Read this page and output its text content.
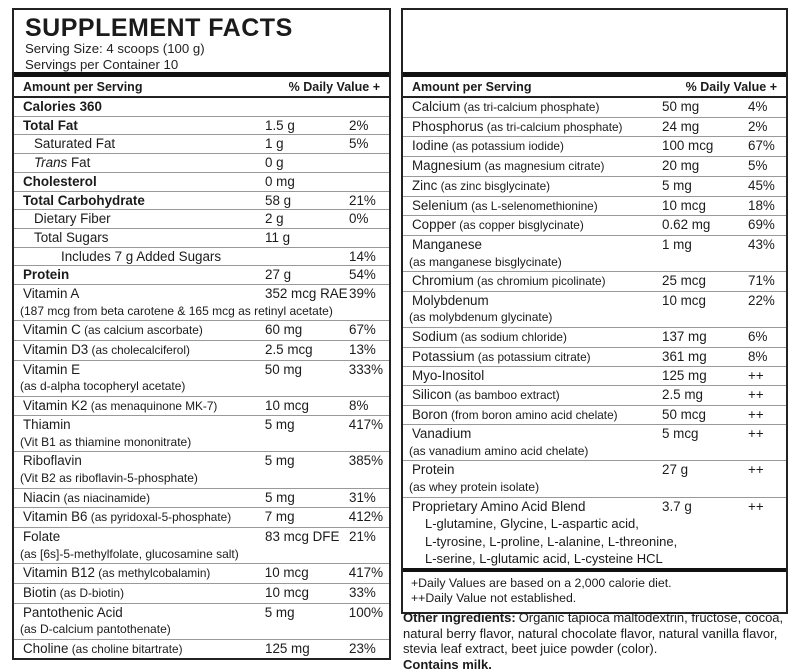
SUPPLEMENT FACTS
Serving Size: 4 scoops (100 g)
Servings per Container 10
Amount per Serving	% Daily Value +
Calories 360
Total Fat	1.5 g	2%
Saturated Fat	1 g	5%
Trans Fat	0 g
Cholesterol	0 mg
Total Carbohydrate	58 g	21%
Dietary Fiber	2 g	0%
Total Sugars	11 g
Includes 7 g Added Sugars	14%
Protein	27 g	54%
Vitamin A	352 mcg RAE 39%
(187 mcg from beta carotene & 165 mcg as retinyl acetate)
Vitamin C (as calcium ascorbate)	60 mg	67%
Vitamin D3 (as cholecalciferol)	2.5 mcg	13%
Vitamin E	50 mg	333%
(as d-alpha tocopheryl acetate)
Vitamin K2 (as menaquinone MK-7)	10 mcg	8%
Thiamin	5 mg	417%
(Vit B1 as thiamine mononitrate)
Riboflavin	5 mg	385%
(Vit B2 as riboflavin-5-phosphate)
Niacin (as niacinamide)	5 mg	31%
Vitamin B6 (as pyridoxal-5-phosphate)	7 mg	412%
Folate	83 mcg DFE 21%
(as [6s]-5-methylfolate, glucosamine salt)
Vitamin B12 (as methylcobalamin)	10 mcg	417%
Biotin (as D-biotin)	10 mcg	33%
Pantothenic Acid	5 mg	100%
(as D-calcium pantothenate)
Choline (as choline bitartrate)	125 mg	23%
Amount per Serving	% Daily Value +
Calcium (as tri-calcium phosphate)	50 mg	4%
Phosphorus (as tri-calcium phosphate)	24 mg	2%
Iodine (as potassium iodide)	100 mcg	67%
Magnesium (as magnesium citrate)	20 mg	5%
Zinc (as zinc bisglycinate)	5 mg	45%
Selenium (as L-selenomethionine)	10 mcg	18%
Copper (as copper bisglycinate)	0.62 mg	69%
Manganese	1 mg	43%
(as manganese bisglycinate)
Chromium (as chromium picolinate)	25 mcg	71%
Molybdenum	10 mcg	22%
(as molybdenum glycinate)
Sodium (as sodium chloride)	137 mg	6%
Potassium (as potassium citrate)	361 mg	8%
Myo-Inositol	125 mg	++
Silicon (as bamboo extract)	2.5 mg	++
Boron (from boron amino acid chelate)	50 mcg	++
Vanadium	5 mcg	++
(as vanadium amino acid chelate)
Protein	27 g	++
(as whey protein isolate)
Proprietary Amino Acid Blend	3.7 g	++
L-glutamine, Glycine, L-aspartic acid,
L-tyrosine, L-proline, L-alanine, L-threonine,
L-serine, L-glutamic acid, L-cysteine HCL
+Daily Values are based on a 2,000 calorie diet.
++Daily Value not established.
Other ingredients: Organic tapioca maltodextrin, fructose, cocoa, natural berry flavor, natural chocolate flavor, natural vanilla flavor, stevia leaf extract, beet juice powder (color).
Contains milk.
